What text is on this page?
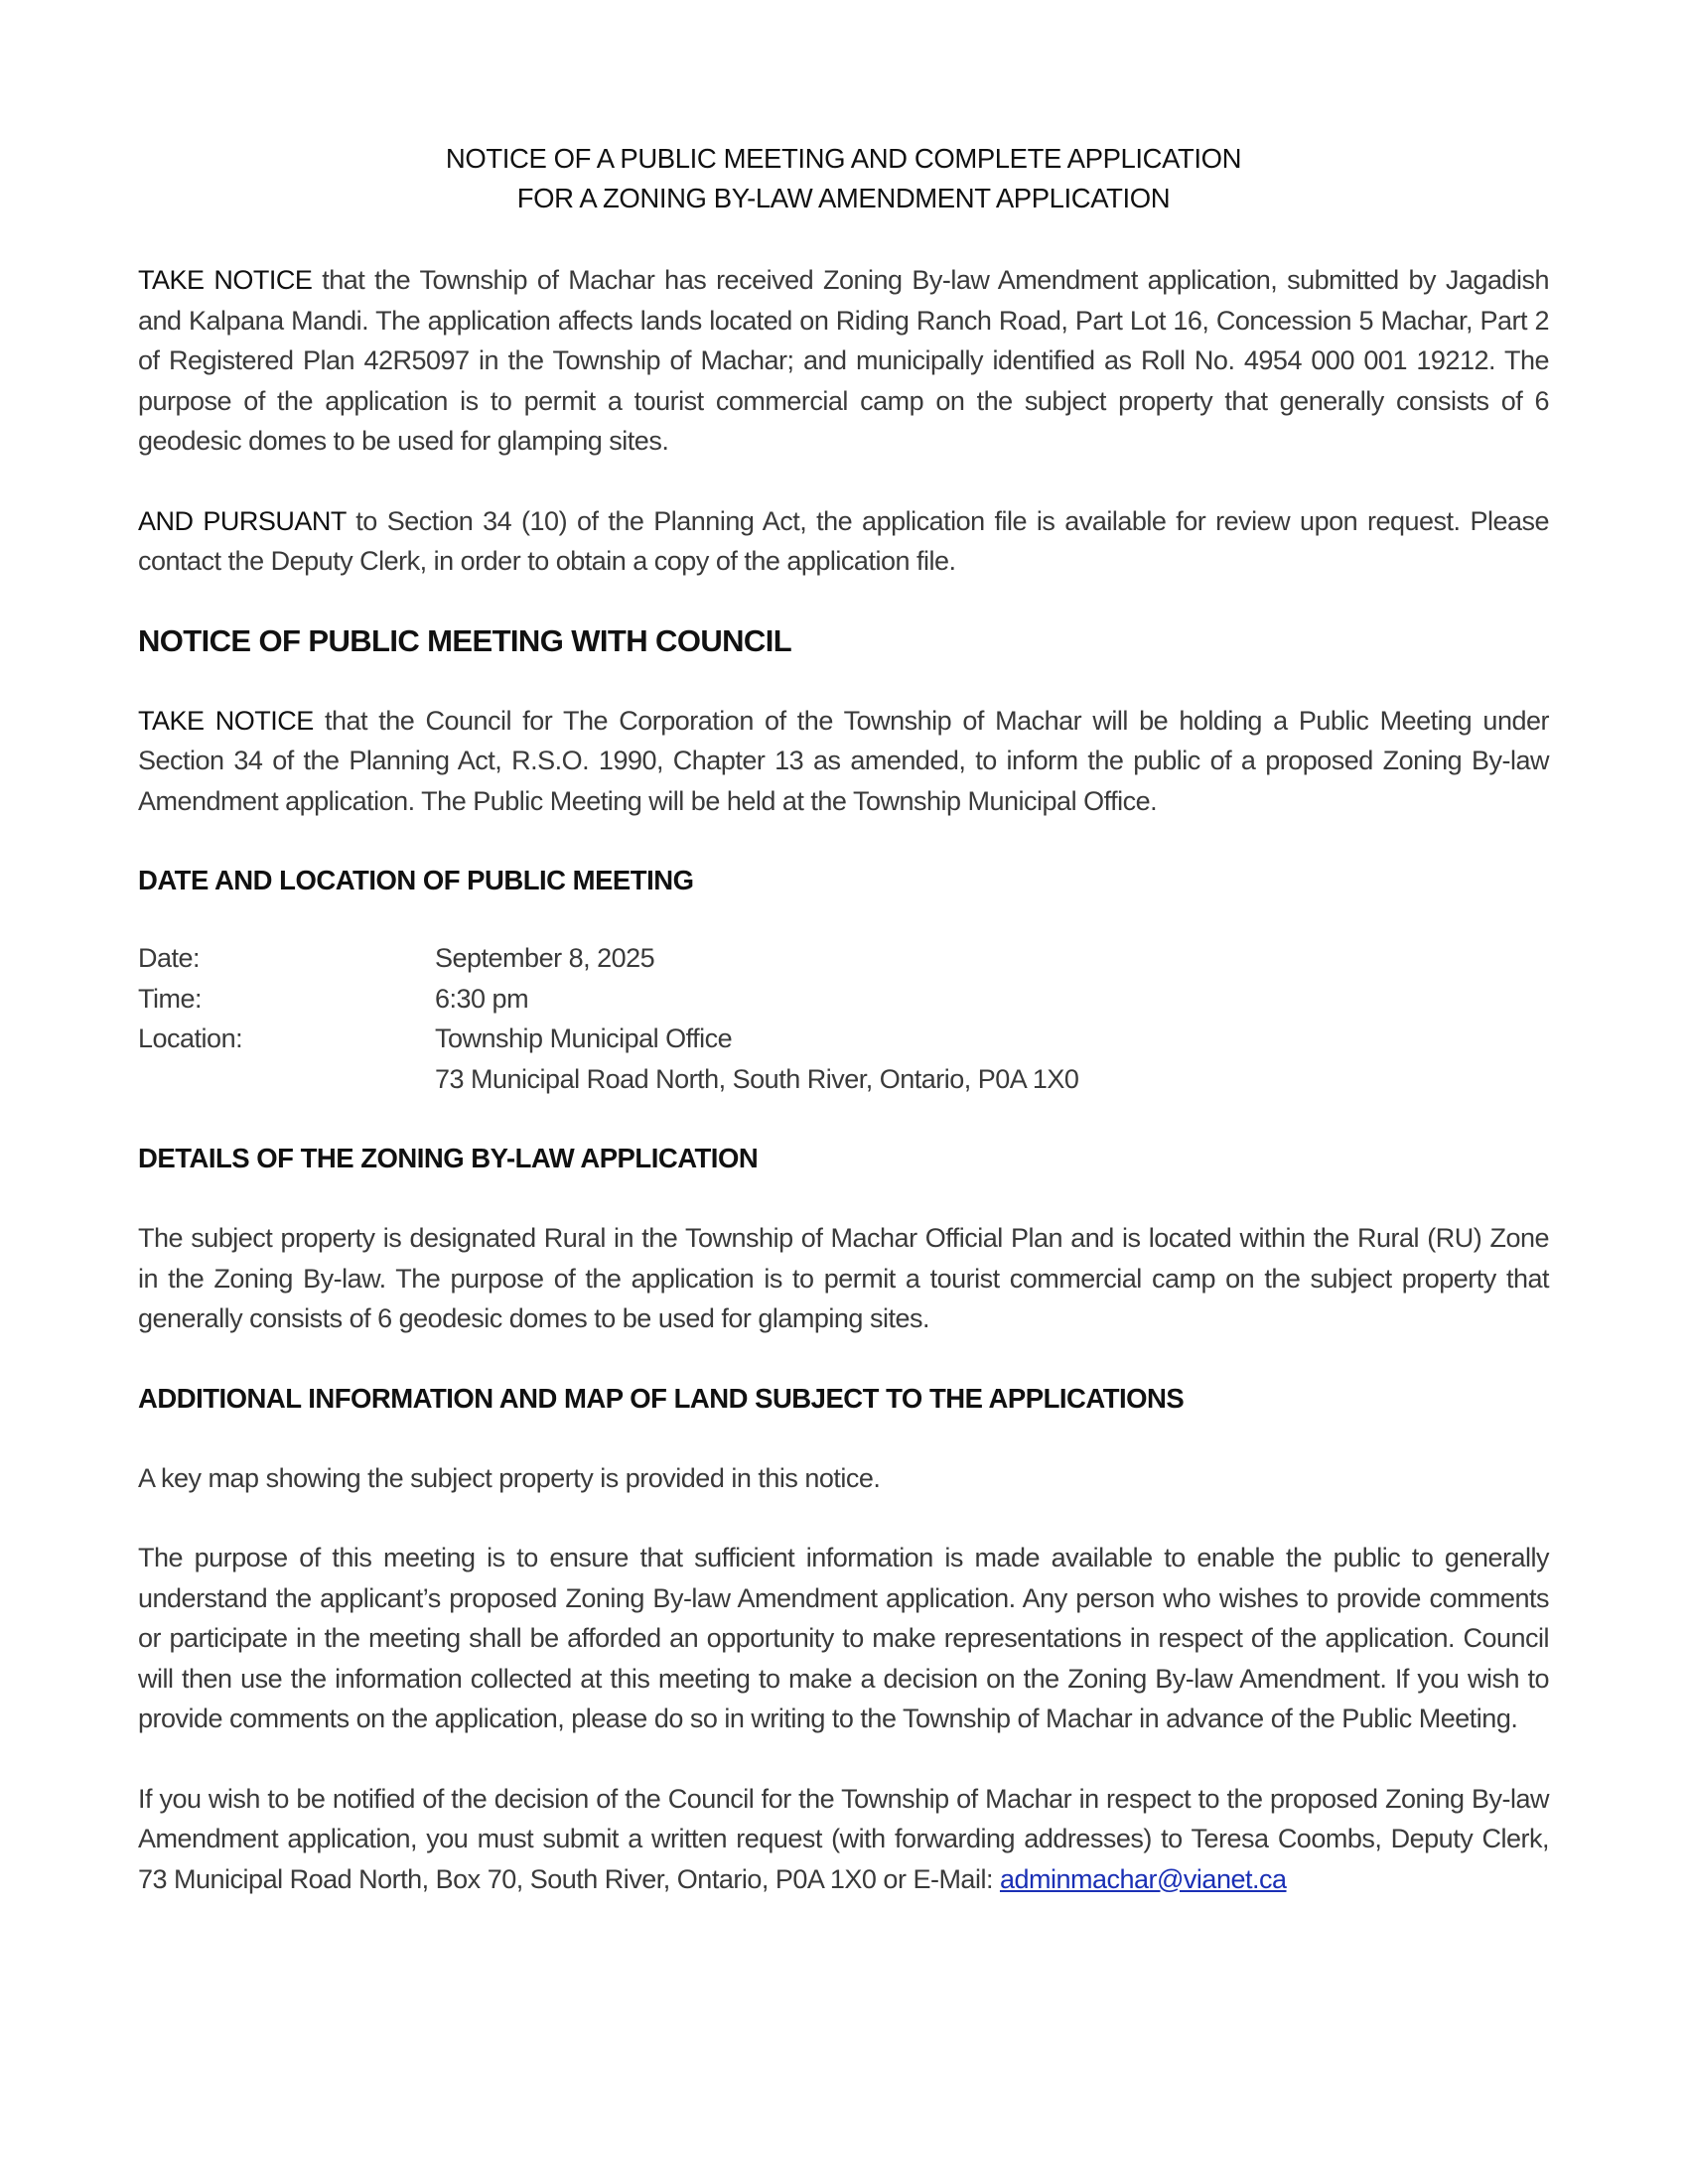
NOTICE OF A PUBLIC MEETING AND COMPLETE APPLICATION
FOR A ZONING BY-LAW AMENDMENT APPLICATION

TAKE NOTICE that the Township of Machar has received Zoning By-law Amendment application, submitted by Jagadish and Kalpana Mandi. The application affects lands located on Riding Ranch Road, Part Lot 16, Concession 5 Machar, Part 2 of Registered Plan 42R5097 in the Township of Machar; and municipally identified as Roll No. 4954 000 001 19212. The purpose of the application is to permit a tourist commercial camp on the subject property that generally consists of 6 geodesic domes to be used for glamping sites.

AND PURSUANT to Section 34 (10) of the Planning Act, the application file is available for review upon request. Please contact the Deputy Clerk, in order to obtain a copy of the application file.

NOTICE OF PUBLIC MEETING WITH COUNCIL

TAKE NOTICE that the Council for The Corporation of the Township of Machar will be holding a Public Meeting under Section 34 of the Planning Act, R.S.O. 1990, Chapter 13 as amended, to inform the public of a proposed Zoning By-law Amendment application. The Public Meeting will be held at the Township Municipal Office.

DATE AND LOCATION OF PUBLIC MEETING
Date:	September 8, 2025
Time:	6:30 pm
Location:	Township Municipal Office
73 Municipal Road North, South River, Ontario, P0A 1X0
DETAILS OF THE ZONING BY-LAW APPLICATION

The subject property is designated Rural in the Township of Machar Official Plan and is located within the Rural (RU) Zone in the Zoning By-law. The purpose of the application is to permit a tourist commercial camp on the subject property that generally consists of 6 geodesic domes to be used for glamping sites.

ADDITIONAL INFORMATION AND MAP OF LAND SUBJECT TO THE APPLICATIONS

A key map showing the subject property is provided in this notice.

The purpose of this meeting is to ensure that sufficient information is made available to enable the public to generally understand the applicant’s proposed Zoning By-law Amendment application. Any person who wishes to provide comments or participate in the meeting shall be afforded an opportunity to make representations in respect of the application. Council will then use the information collected at this meeting to make a decision on the Zoning By-law Amendment. If you wish to provide comments on the application, please do so in writing to the Township of Machar in advance of the Public Meeting.

If you wish to be notified of the decision of the Council for the Township of Machar in respect to the proposed Zoning By-law Amendment application, you must submit a written request (with forwarding addresses) to Teresa Coombs, Deputy Clerk, 73 Municipal Road North, Box 70, South River, Ontario, P0A 1X0 or E-Mail: adminmachar@vianet.ca
